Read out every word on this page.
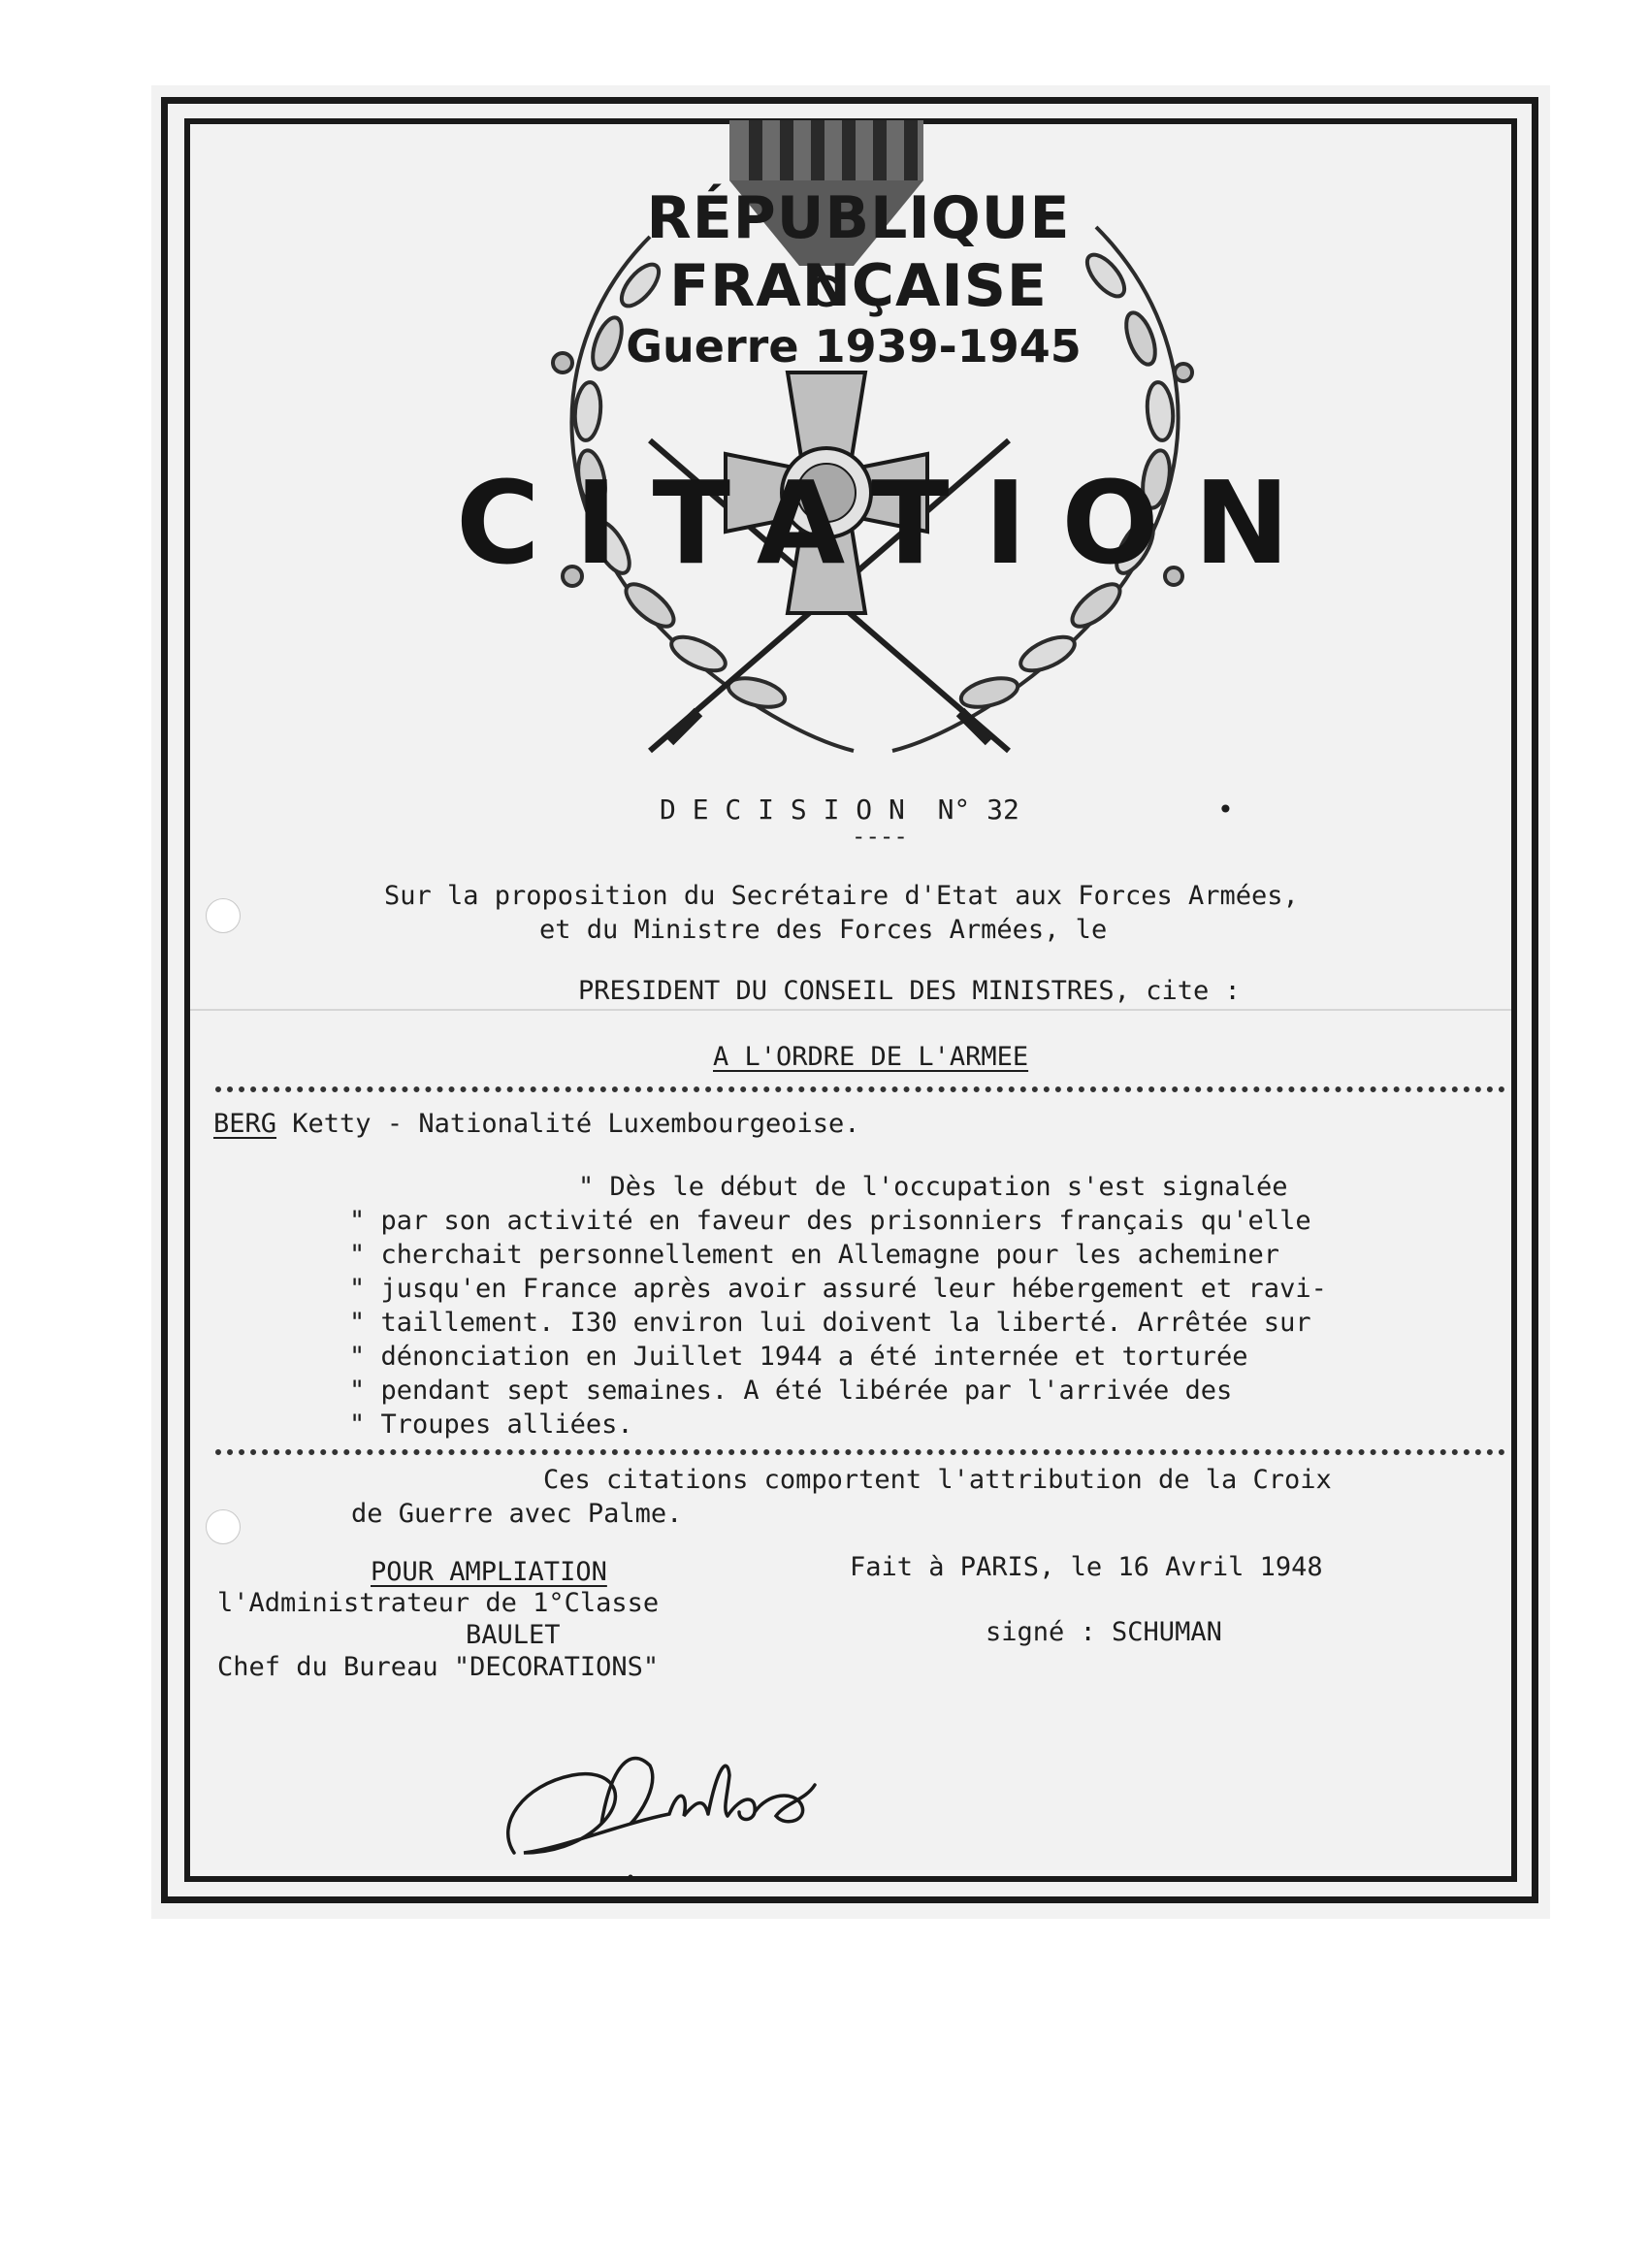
RÉPUBLIQUE FRANÇAISE
Guerre 1939-1945
CITATION
D E C I S I O N  N° 32	•
----
Sur la proposition du Secrétaire d'Etat aux Forces Armées,
et du Ministre des Forces Armées, le
PRESIDENT DU CONSEIL DES MINISTRES, cite :
A L'ORDRE DE L'ARMEE
BERG Ketty - Nationalité Luxembourgeoise.
" Dès le début de l'occupation s'est signalée
" par son activité en faveur des prisonniers français qu'elle
" cherchait personnellement en Allemagne pour les acheminer
" jusqu'en France après avoir assuré leur hébergement et ravi-
" taillement. I30 environ lui doivent la liberté. Arrêtée sur
" dénonciation en Juillet 1944 a été internée et torturée
" pendant sept semaines. A été libérée par l'arrivée des
" Troupes alliées.
Ces citations comportent l'attribution de la Croix
de Guerre avec Palme.
POUR AMPLIATION	Fait à PARIS, le 16 Avril 1948
l'Administrateur de 1°Classe
BAULET	signé : SCHUMAN
Chef du Bureau "DECORATIONS"
